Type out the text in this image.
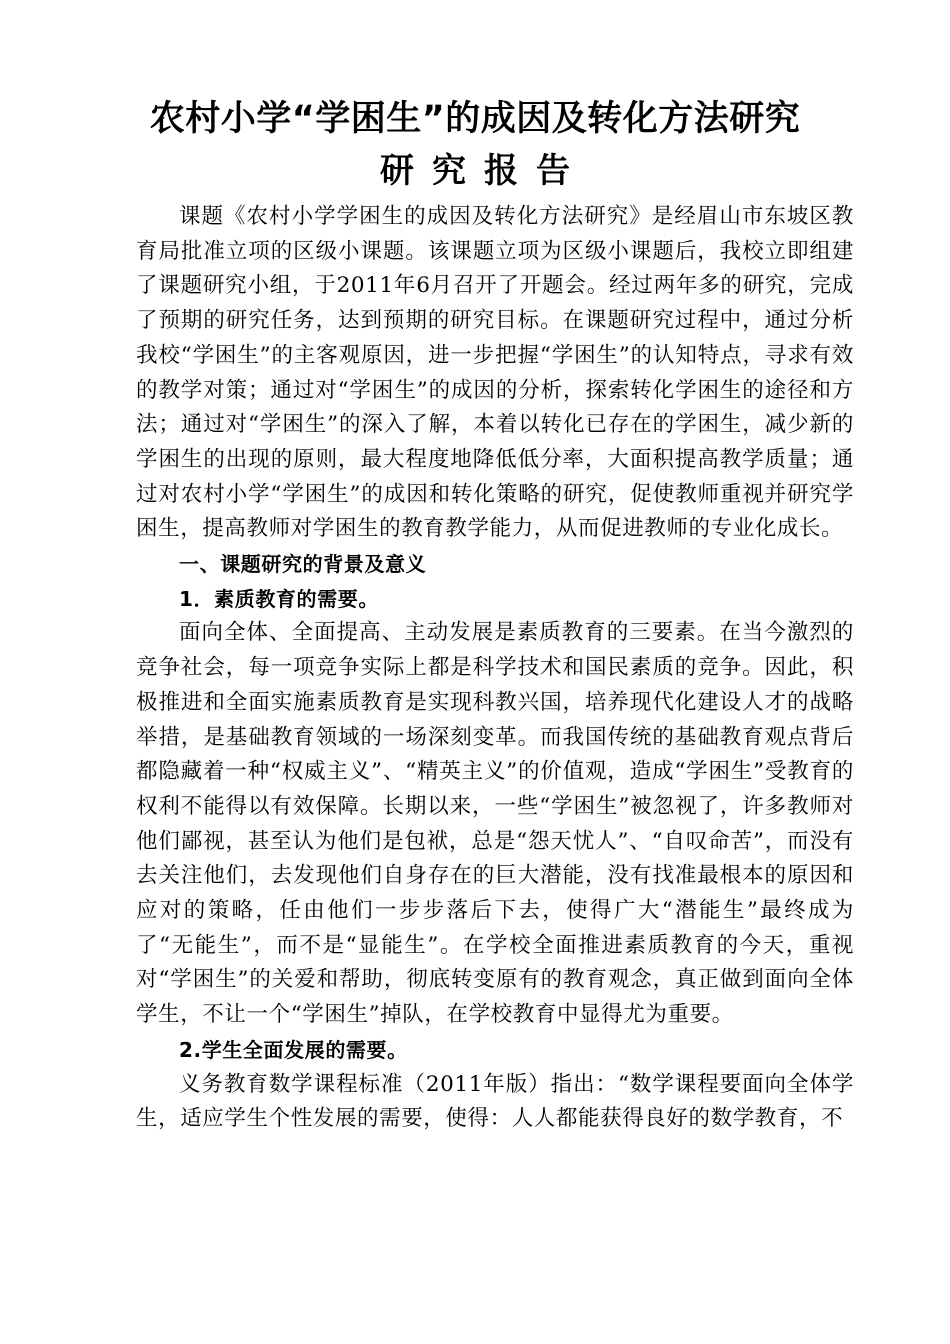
农村小学“学困生”的成因及转化方法研究
研究报告

课题《农村小学学困生的成因及转化方法研究》是经眉山市东坡区教育局批准立项的区级小课题。该课题立项为区级小课题后，我校立即组建了课题研究小组，于2011年6月召开了开题会。经过两年多的研究，完成了预期的研究任务，达到预期的研究目标。在课题研究过程中，通过分析我校“学困生”的主客观原因，进一步把握“学困生”的认知特点，寻求有效的教学对策；通过对“学困生”的成因的分析，探索转化学困生的途径和方法；通过对“学困生”的深入了解，本着以转化已存在的学困生，减少新的学困生的出现的原则，最大程度地降低低分率，大面积提高教学质量；通过对农村小学“学困生”的成因和转化策略的研究，促使教师重视并研究学困生，提高教师对学困生的教育教学能力，从而促进教师的专业化成长。

一、课题研究的背景及意义

1．素质教育的需要。

面向全体、全面提高、主动发展是素质教育的三要素。在当今激烈的竞争社会，每一项竞争实际上都是科学技术和国民素质的竞争。因此，积极推进和全面实施素质教育是实现科教兴国，培养现代化建设人才的战略举措，是基础教育领域的一场深刻变革。而我国传统的基础教育观点背后都隐藏着一种“权威主义”、“精英主义”的价值观，造成“学困生”受教育的权利不能得以有效保障。长期以来，一些“学困生”被忽视了，许多教师对他们鄙视，甚至认为他们是包袱，总是“怨天忧人”、“自叹命苦”，而没有去关注他们，去发现他们自身存在的巨大潜能，没有找准最根本的原因和应对的策略，任由他们一步步落后下去，使得广大“潜能生”最终成为了“无能生”，而不是“显能生”。在学校全面推进素质教育的今天，重视对“学困生”的关爱和帮助，彻底转变原有的教育观念，真正做到面向全体学生，不让一个“学困生”掉队，在学校教育中显得尤为重要。

2.学生全面发展的需要。

义务教育数学课程标准（2011年版）指出：“数学课程要面向全体学生，适应学生个性发展的需要，使得：人人都能获得良好的数学教育，不
